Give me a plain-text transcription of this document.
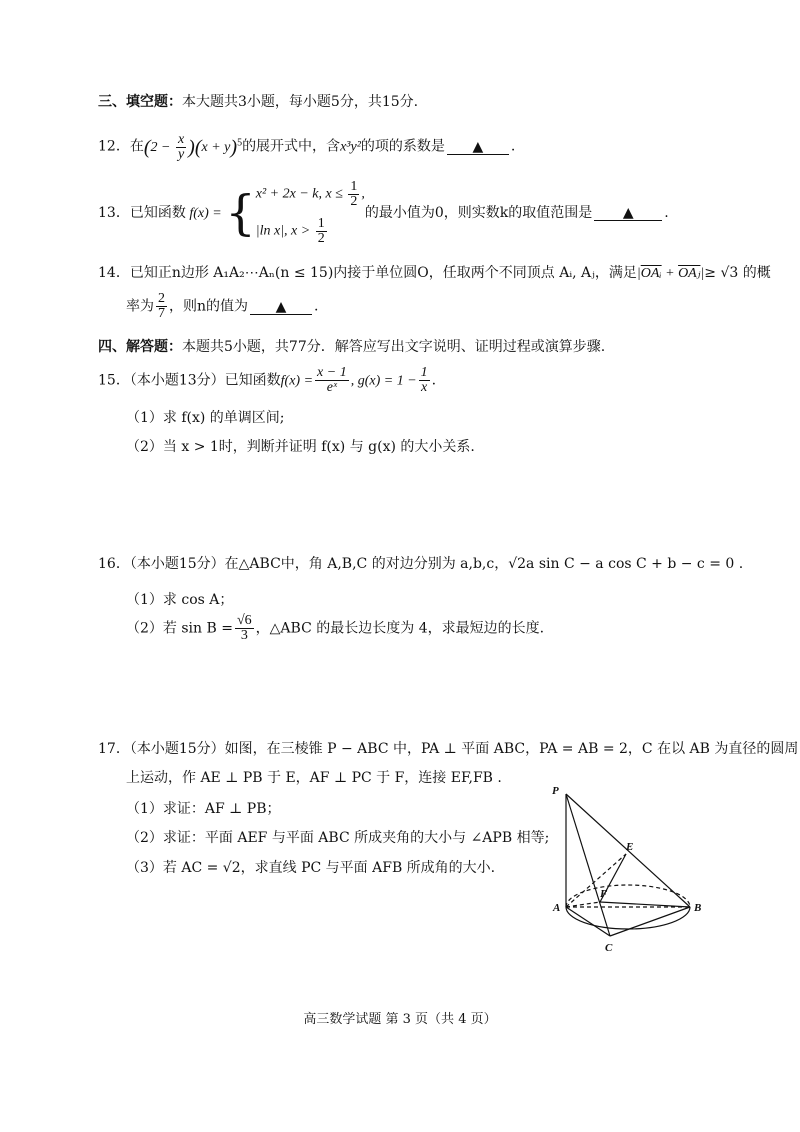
三、填空题：本大题共3小题，每小题5分，共15分.
12．在$(2 - \frac{x}{y} )(x + y)^5$的展开式中，含x³y²的项的系数是 ▲ .
13．已知函数 f(x) = { x² + 2x − k, $x \le \frac{1}{2}$ ,
|ln x|, $x > \frac{1}{2}$
的最小值为0，则实数k的取值范围是 ▲ .
14．已知正n边形 A₁A₂⋯Aₙ(n ≤ 15)内接于单位圆O，任取两个不同顶点 Aᵢ, Aⱼ，满足$|\overline{OAᵢ} + \overline{OAⱼ}|\ge √3$ 的概
率为 $\frac{2}{7}$ ，则n的值为 ▲ .
四、解答题：本题共5小题，共77分．解答应写出文字说明、证明过程或演算步骤.
15．（本小题13分）已知函数$f(x) = \frac{x - 1}{\text{eˣ}}$ , $g(x) = 1 - \frac{1}{x}$ .
（1）求 f(x) 的单调区间;
（2）当 x > 1时，判断并证明 f(x) 与 g(x) 的大小关系.
16．（本小题15分）在△ABC中，角 A,B,C 的对边分别为 a,b,c，√2a sin C − a cos C + b − c = 0 .
（1）求 cos A；
（2）若 $\sin B = \frac{√6}{3}$ ，△ABC 的最长边长度为 4，求最短边的长度.
17．（本小题15分）如图，在三棱锥 P − ABC 中，PA ⊥ 平面 ABC，PA = AB = 2，C 在以 AB 为直径的圆周
上运动，作 AE ⊥ PB 于 E，AF ⊥ PC 于 F，连接 EF,FB .
（1）求证：AF ⊥ PB；
（2）求证：平面 AEF 与平面 ABC 所成夹角的大小与 ∠APB 相等;
（3）若 AC = √2，求直线 PC 与平面 AFB 所成角的大小.
P
E
F
A	B
C
高三数学试题 第 3 页（共 4 页）
